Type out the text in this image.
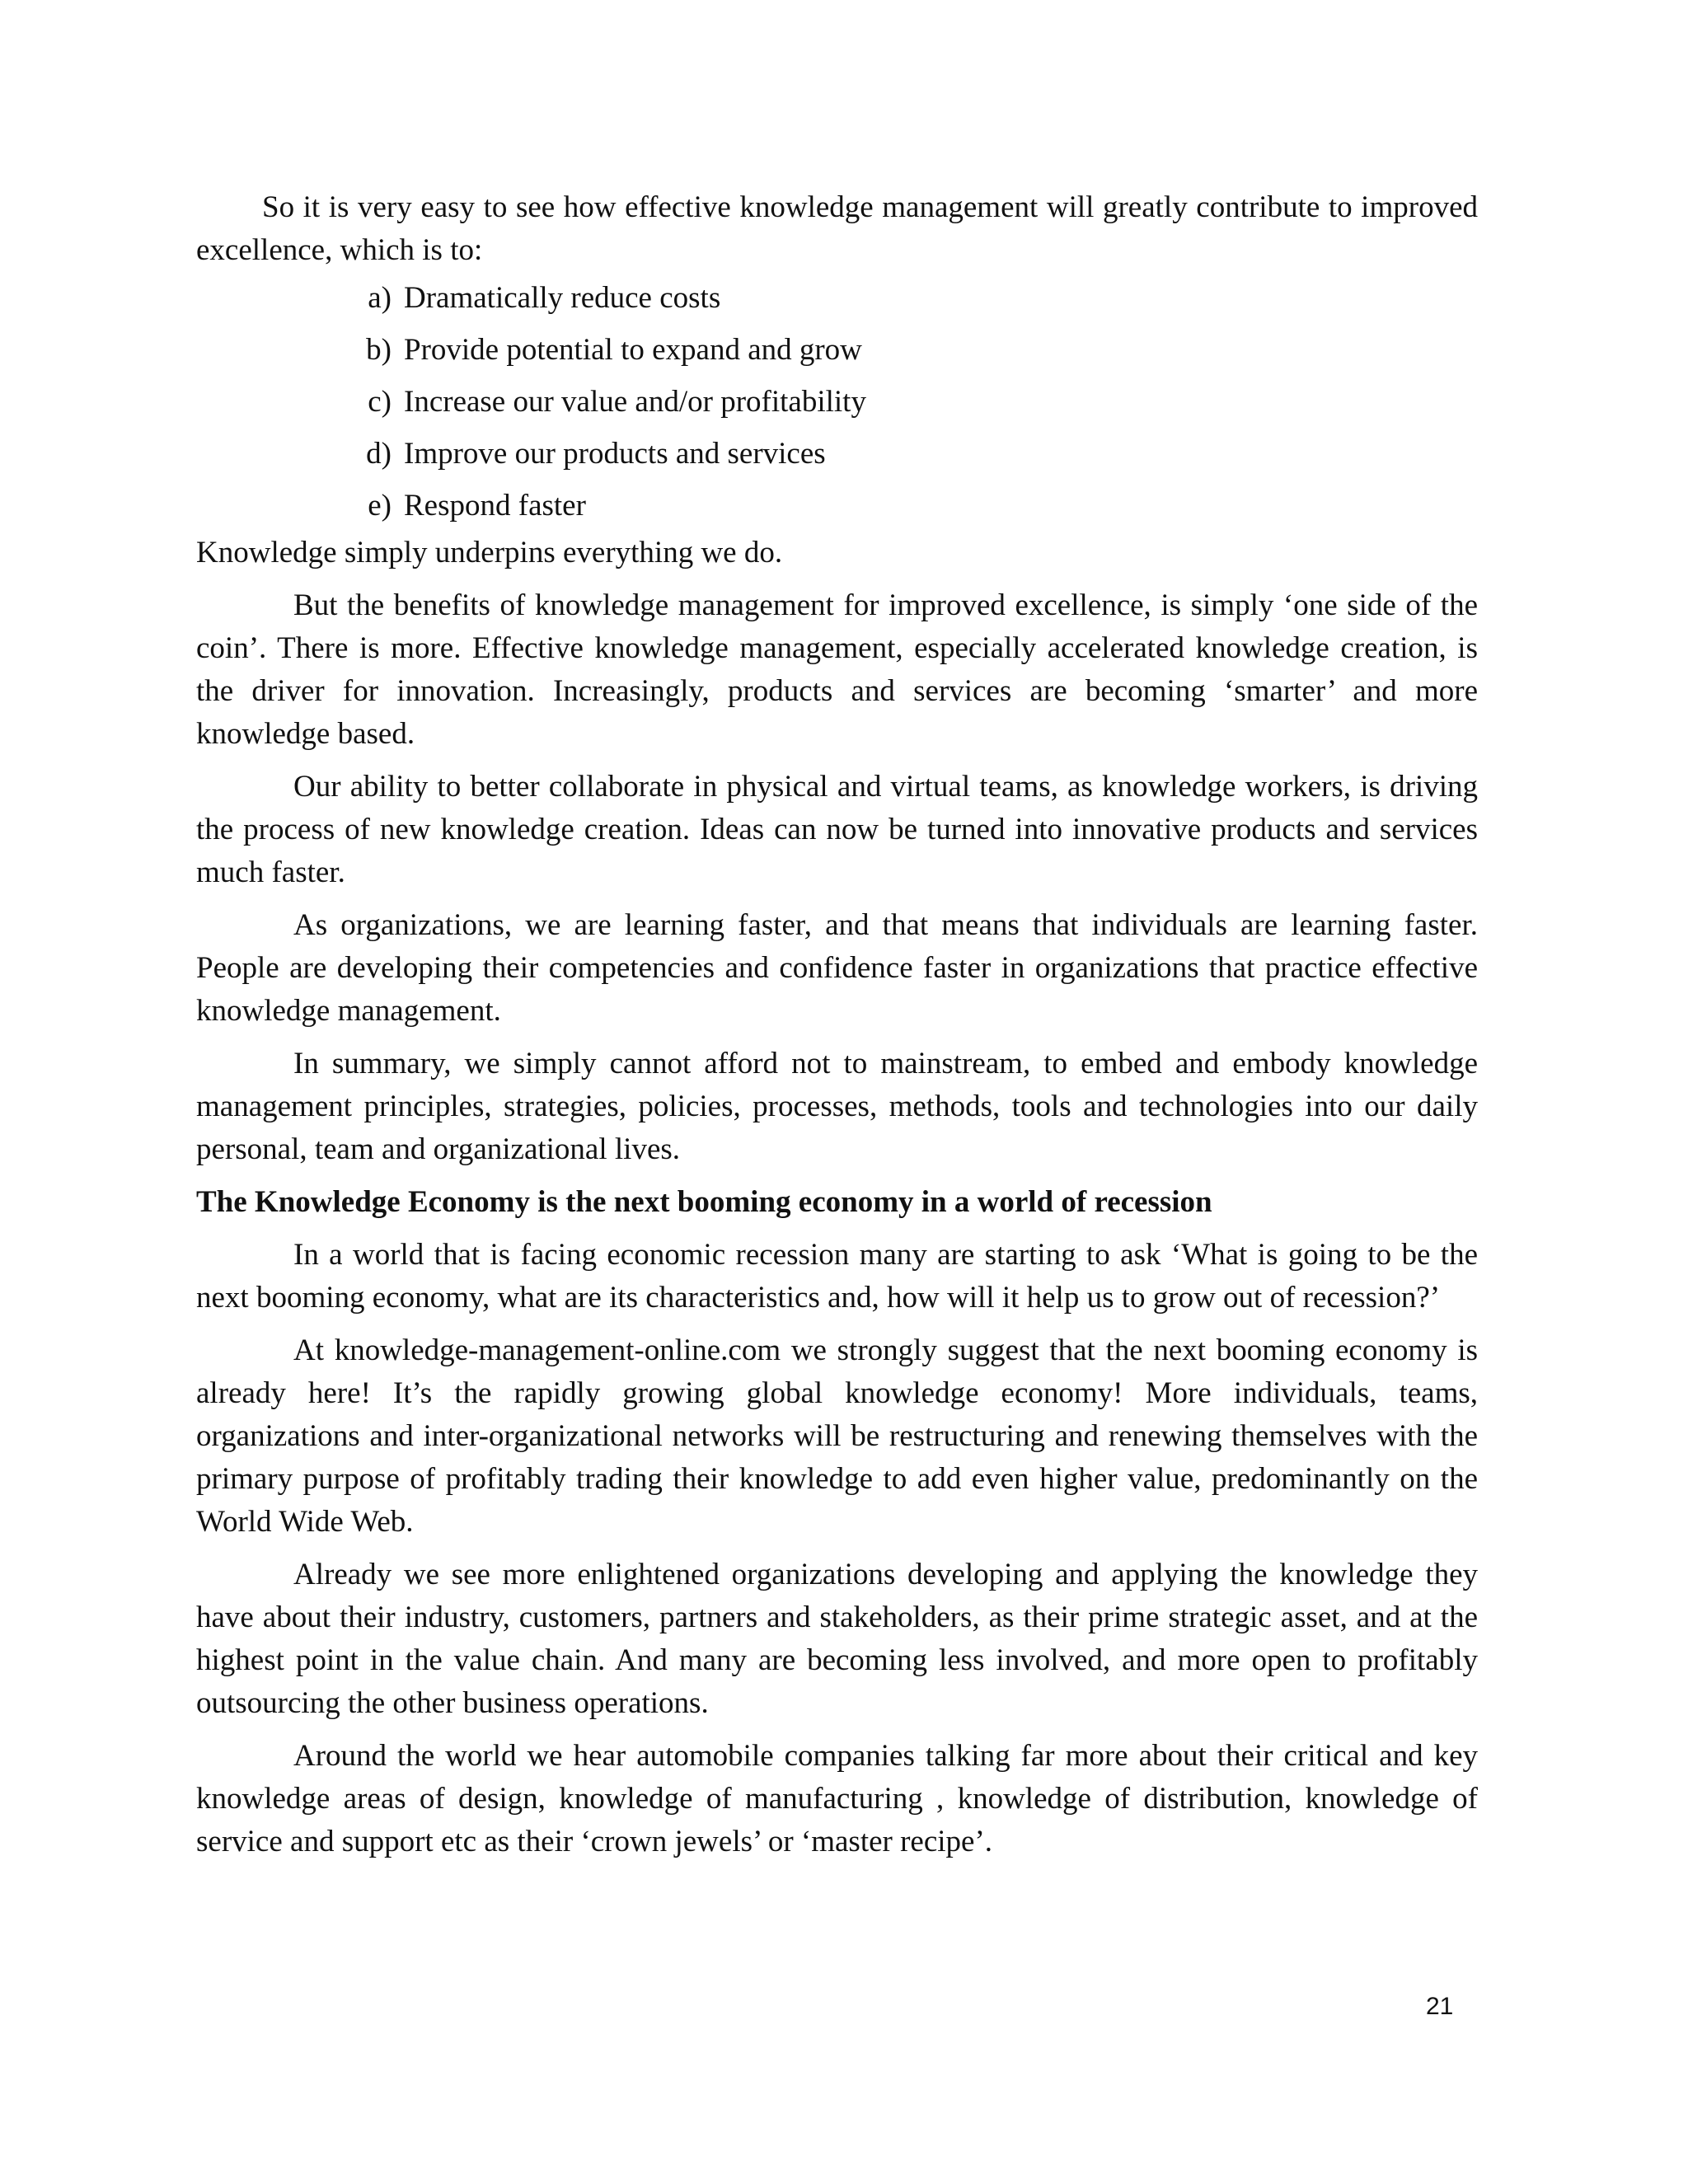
So it is very easy to see how effective knowledge management will greatly contribute to improved excellence, which is to:

a) Dramatically reduce costs
b) Provide potential to expand and grow
c) Increase our value and/or profitability
d) Improve our products and services
e) Respond faster

Knowledge simply underpins everything we do.

But the benefits of knowledge management for improved excellence, is simply ‘one side of the coin’. There is more. Effective knowledge management, especially accelerated knowledge creation, is the driver for innovation. Increasingly, products and services are becoming ‘smarter’ and more knowledge based.

Our ability to better collaborate in physical and virtual teams, as knowledge workers, is driving the process of new knowledge creation. Ideas can now be turned into innovative products and services much faster.

As organizations, we are learning faster, and that means that individuals are learning faster. People are developing their competencies and confidence faster in organizations that practice effective knowledge management.

In summary, we simply cannot afford not to mainstream, to embed and embody knowledge management principles, strategies, policies, processes, methods, tools and technologies into our daily personal, team and organizational lives.

The Knowledge Economy is the next booming economy in a world of recession

In a world that is facing economic recession many are starting to ask ‘What is going to be the next booming economy, what are its characteristics and, how will it help us to grow out of recession?’

At knowledge-management-online.com we strongly suggest that the next booming economy is already here! It’s the rapidly growing global knowledge economy! More individuals, teams, organizations and inter-organizational networks will be restructuring and renewing themselves with the primary purpose of profitably trading their knowledge to add even higher value, predominantly on the World Wide Web.

Already we see more enlightened organizations developing and applying the knowledge they have about their industry, customers, partners and stakeholders, as their prime strategic asset, and at the highest point in the value chain. And many are becoming less involved, and more open to profitably outsourcing the other business operations.

Around the world we hear automobile companies talking far more about their critical and key knowledge areas of design, knowledge of manufacturing , knowledge of distribution, knowledge of service and support etc as their ‘crown jewels’ or ‘master recipe’.

21
